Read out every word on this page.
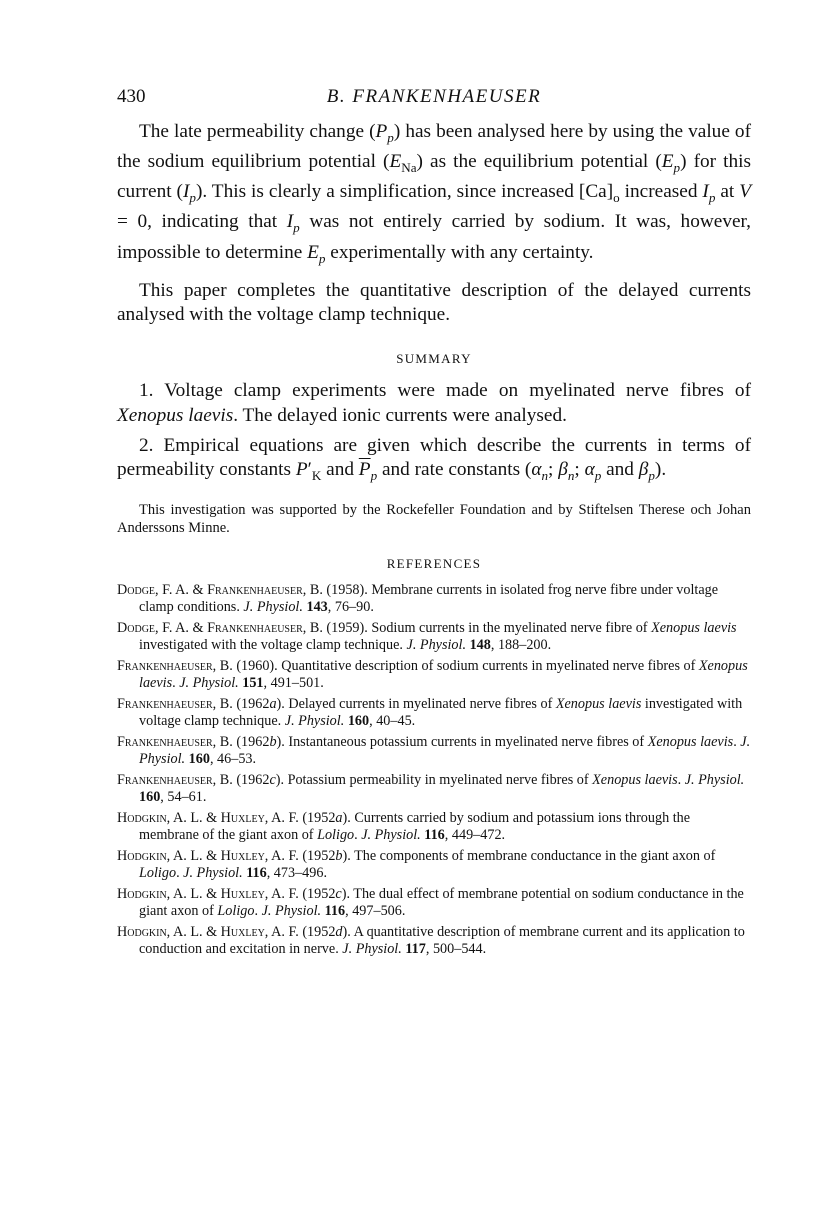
430	B. FRANKENHAEUSER

The late permeability change $(P_p)$ has been analysed here by using the value of the sodium equilibrium potential $(E_{Na})$ as the equilibrium potential $(E_p)$ for this current $(I_p)$. This is clearly a simplification, since increased $[Ca]_o$ increased $I_p$ at V = 0, indicating that $I_p$ was not entirely carried by sodium. It was, however, impossible to determine $E_p$ experimentally with any certainty.

This paper completes the quantitative description of the delayed currents analysed with the voltage clamp technique.

SUMMARY

1. Voltage clamp experiments were made on myelinated nerve fibres of Xenopus laevis. The delayed ionic currents were analysed.

2. Empirical equations are given which describe the currents in terms of permeability constants $P'_K$ and $\overline{P}_p$ and rate constants ($\alpha_n$; $\beta_n$; $\alpha_p$ and $\beta_p$).

This investigation was supported by the Rockefeller Foundation and by Stiftelsen Therese och Johan Anderssons Minne.

REFERENCES
Dodge, F. A. & Frankenhaeuser, B. (1958). Membrane currents in isolated frog nerve fibre under voltage clamp conditions. J. Physiol. 143, 76–90.
Dodge, F. A. & Frankenhaeuser, B. (1959). Sodium currents in the myelinated nerve fibre of Xenopus laevis investigated with the voltage clamp technique. J. Physiol. 148, 188–200.
Frankenhaeuser, B. (1960). Quantitative description of sodium currents in myelinated nerve fibres of Xenopus laevis. J. Physiol. 151, 491–501.
Frankenhaeuser, B. (1962a). Delayed currents in myelinated nerve fibres of Xenopus laevis investigated with voltage clamp technique. J. Physiol. 160, 40–45.
Frankenhaeuser, B. (1962b). Instantaneous potassium currents in myelinated nerve fibres of Xenopus laevis. J. Physiol. 160, 46–53.
Frankenhaeuser, B. (1962c). Potassium permeability in myelinated nerve fibres of Xenopus laevis. J. Physiol. 160, 54–61.
Hodgkin, A. L. & Huxley, A. F. (1952a). Currents carried by sodium and potassium ions through the membrane of the giant axon of Loligo. J. Physiol. 116, 449–472.
Hodgkin, A. L. & Huxley, A. F. (1952b). The components of membrane conductance in the giant axon of Loligo. J. Physiol. 116, 473–496.
Hodgkin, A. L. & Huxley, A. F. (1952c). The dual effect of membrane potential on sodium conductance in the giant axon of Loligo. J. Physiol. 116, 497–506.
Hodgkin, A. L. & Huxley, A. F. (1952d). A quantitative description of membrane current and its application to conduction and excitation in nerve. J. Physiol. 117, 500–544.
